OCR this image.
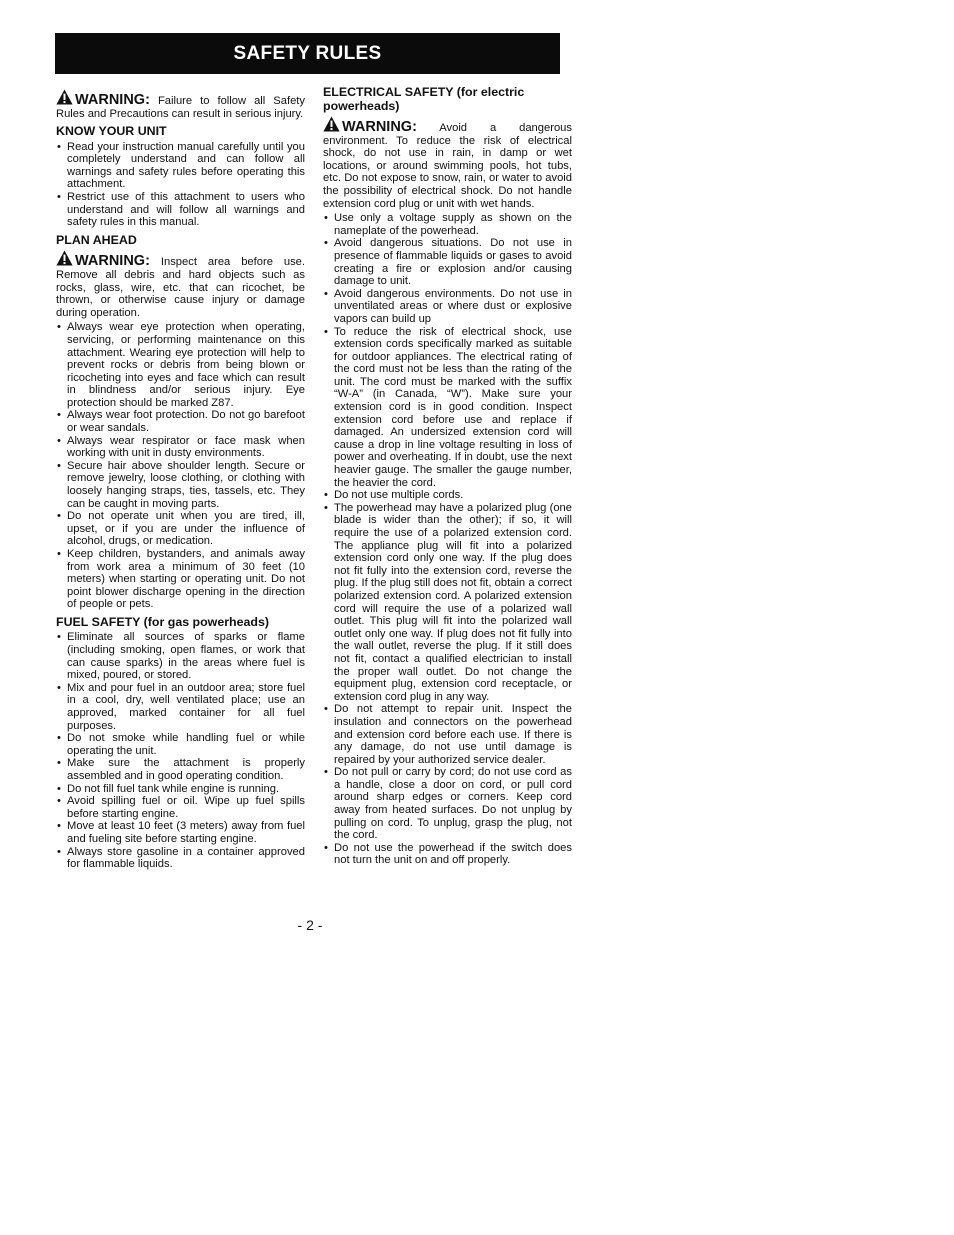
SAFETY RULES

WARNING: Failure to follow all Safety Rules and Precautions can result in serious injury.

KNOW YOUR UNIT
• Read your instruction manual carefully until you completely understand and can follow all warnings and safety rules before operating this attachment.
• Restrict use of this attachment to users who understand and will follow all warnings and safety rules in this manual.
PLAN AHEAD

WARNING: Inspect area before use. Remove all debris and hard objects such as rocks, glass, wire, etc. that can ricochet, be thrown, or otherwise cause injury or damage during operation.

• Always wear eye protection when operating, servicing, or performing maintenance on this attachment. Wearing eye protection will help to prevent rocks or debris from being blown or ricocheting into eyes and face which can result in blindness and/or serious injury. Eye protection should be marked Z87.
• Always wear foot protection. Do not go barefoot or wear sandals.
• Always wear respirator or face mask when working with unit in dusty environments.
• Secure hair above shoulder length. Secure or remove jewelry, loose clothing, or clothing with loosely hanging straps, ties, tassels, etc. They can be caught in moving parts.
• Do not operate unit when you are tired, ill, upset, or if you are under the influence of alcohol, drugs, or medication.
• Keep children, bystanders, and animals away from work area a minimum of 30 feet (10 meters) when starting or operating unit. Do not point blower discharge opening in the direction of people or pets.
FUEL SAFETY (for gas powerheads)
• Eliminate all sources of sparks or flame (including smoking, open flames, or work that can cause sparks) in the areas where fuel is mixed, poured, or stored.
• Mix and pour fuel in an outdoor area; store fuel in a cool, dry, well ventilated place; use an approved, marked container for all fuel purposes.
• Do not smoke while handling fuel or while operating the unit.
• Make sure the attachment is properly assembled and in good operating condition.
• Do not fill fuel tank while engine is running.
• Avoid spilling fuel or oil. Wipe up fuel spills before starting engine.
• Move at least 10 feet (3 meters) away from fuel and fueling site before starting engine.
• Always store gasoline in a container approved for flammable liquids.
ELECTRICAL SAFETY (for electric powerheads)

WARNING: Avoid a dangerous environment. To reduce the risk of electrical shock, do not use in rain, in damp or wet locations, or around swimming pools, hot tubs, etc. Do not expose to snow, rain, or water to avoid the possibility of electrical shock. Do not handle extension cord plug or unit with wet hands.

• Use only a voltage supply as shown on the nameplate of the powerhead.
• Avoid dangerous situations. Do not use in presence of flammable liquids or gases to avoid creating a fire or explosion and/or causing damage to unit.
• Avoid dangerous environments. Do not use in unventilated areas or where dust or explosive vapors can build up
• To reduce the risk of electrical shock, use extension cords specifically marked as suitable for outdoor appliances. The electrical rating of the cord must not be less than the rating of the unit. The cord must be marked with the suffix “W-A” (in Canada, “W”). Make sure your extension cord is in good condition. Inspect extension cord before use and replace if damaged. An undersized extension cord will cause a drop in line voltage resulting in loss of power and overheating. If in doubt, use the next heavier gauge. The smaller the gauge number, the heavier the cord.
• Do not use multiple cords.
• The powerhead may have a polarized plug (one blade is wider than the other); if so, it will require the use of a polarized extension cord. The appliance plug will fit into a polarized extension cord only one way. If the plug does not fit fully into the extension cord, reverse the plug. If the plug still does not fit, obtain a correct polarized extension cord. A polarized extension cord will require the use of a polarized wall outlet. This plug will fit into the polarized wall outlet only one way. If plug does not fit fully into the wall outlet, reverse the plug. If it still does not fit, contact a qualified electrician to install the proper wall outlet. Do not change the equipment plug, extension cord receptacle, or extension cord plug in any way.
• Do not attempt to repair unit. Inspect the insulation and connectors on the powerhead and extension cord before each use. If there is any damage, do not use until damage is repaired by your authorized service dealer.
• Do not pull or carry by cord; do not use cord as a handle, close a door on cord, or pull cord around sharp edges or corners. Keep cord away from heated surfaces. Do not unplug by pulling on cord. To unplug, grasp the plug, not the cord.
• Do not use the powerhead if the switch does not turn the unit on and off properly.
- 2 -
